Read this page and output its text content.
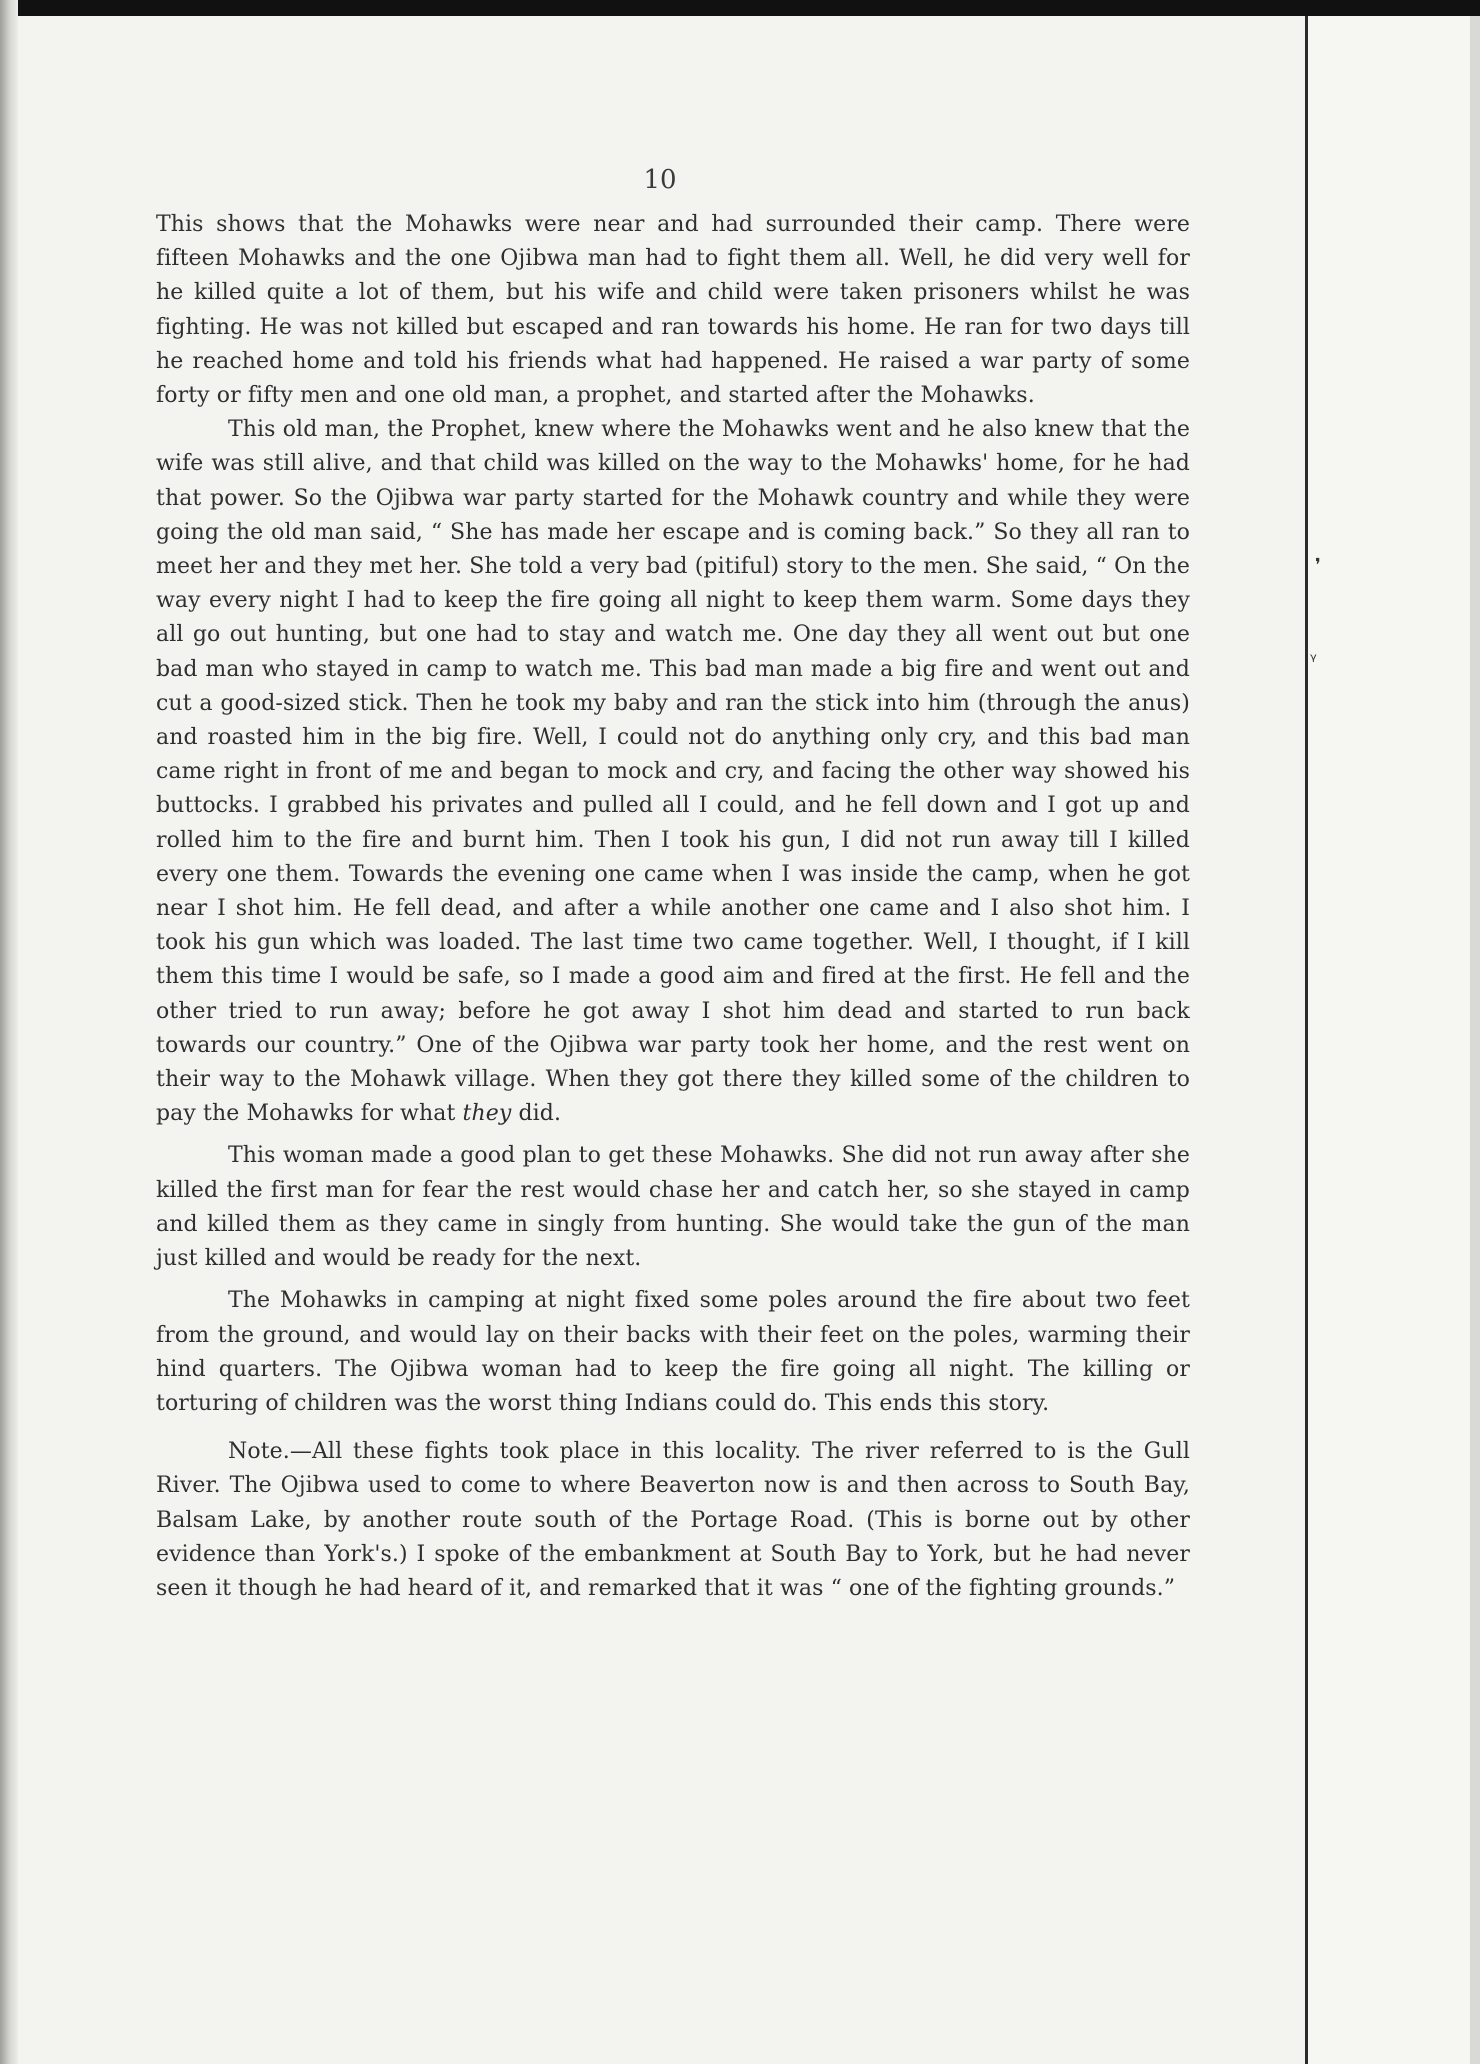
❜
ᵞ
10

This shows that the Mohawks were near and had surrounded their camp. There were fifteen Mohawks and the one Ojibwa man had to fight them all. Well, he did very well for he killed quite a lot of them, but his wife and child were taken prisoners whilst he was fighting. He was not killed but escaped and ran towards his home. He ran for two days till he reached home and told his friends what had happened. He raised a war party of some forty or fifty men and one old man, a prophet, and started after the Mohawks.

This old man, the Prophet, knew where the Mohawks went and he also knew that the wife was still alive, and that child was killed on the way to the Mohawks' home, for he had that power. So the Ojibwa war party started for the Mohawk country and while they were going the old man said, “ She has made her escape and is coming back.” So they all ran to meet her and they met her. She told a very bad (pitiful) story to the men. She said, “ On the way every night I had to keep the fire going all night to keep them warm. Some days they all go out hunting, but one had to stay and watch me. One day they all went out but one bad man who stayed in camp to watch me. This bad man made a big fire and went out and cut a good-sized stick. Then he took my baby and ran the stick into him (through the anus) and roasted him in the big fire. Well, I could not do anything only cry, and this bad man came right in front of me and began to mock and cry, and facing the other way showed his buttocks. I grabbed his privates and pulled all I could, and he fell down and I got up and rolled him to the fire and burnt him. Then I took his gun, I did not run away till I killed every one them. Towards the evening one came when I was inside the camp, when he got near I shot him. He fell dead, and after a while another one came and I also shot him. I took his gun which was loaded. The last time two came together. Well, I thought, if I kill them this time I would be safe, so I made a good aim and fired at the first. He fell and the other tried to run away; before he got away I shot him dead and started to run back towards our country.” One of the Ojibwa war party took her home, and the rest went on their way to the Mohawk village. When they got there they killed some of the children to pay the Mohawks for what they did.

This woman made a good plan to get these Mohawks. She did not run away after she killed the first man for fear the rest would chase her and catch her, so she stayed in camp and killed them as they came in singly from hunting. She would take the gun of the man just killed and would be ready for the next.

The Mohawks in camping at night fixed some poles around the fire about two feet from the ground, and would lay on their backs with their feet on the poles, warming their hind quarters. The Ojibwa woman had to keep the fire going all night. The killing or torturing of children was the worst thing Indians could do. This ends this story.

Note.—All these fights took place in this locality. The river referred to is the Gull River. The Ojibwa used to come to where Beaverton now is and then across to South Bay, Balsam Lake, by another route south of the Portage Road. (This is borne out by other evidence than York's.) I spoke of the embankment at South Bay to York, but he had never seen it though he had heard of it, and remarked that it was “ one of the fighting grounds.”
